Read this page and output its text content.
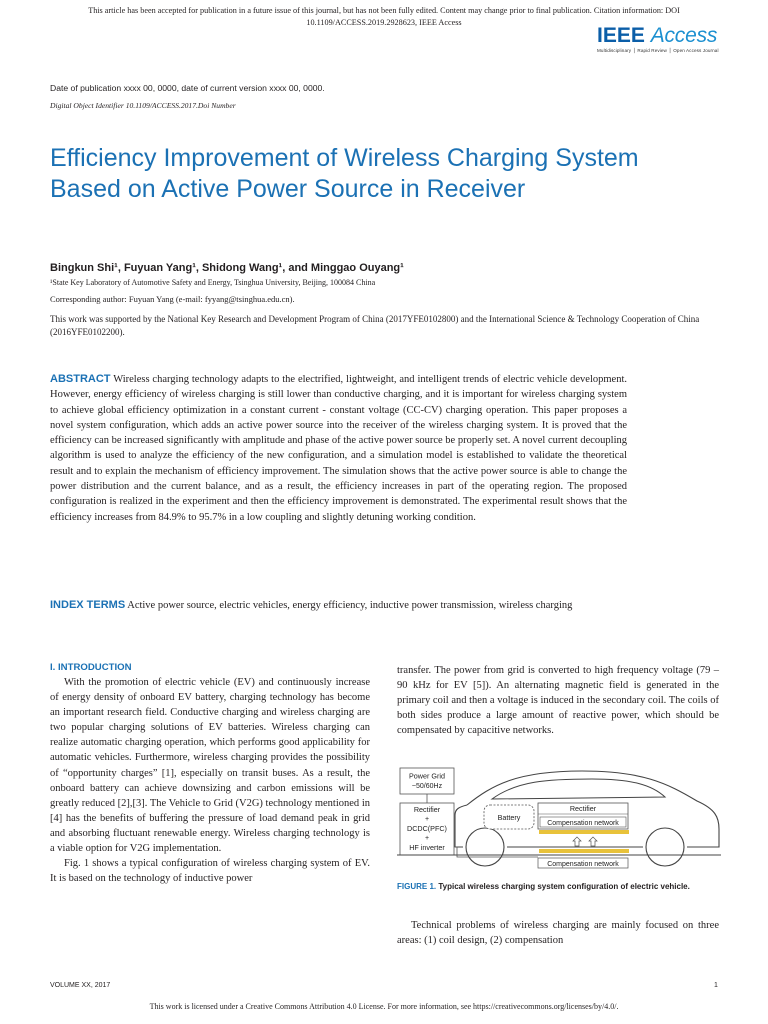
This article has been accepted for publication in a future issue of this journal, but has not been fully edited. Content may change prior to final publication. Citation information: DOI
10.1109/ACCESS.2019.2928623, IEEE Access
IEEE Access
Multidisciplinary ⎪ Rapid Review ⎪ Open Access Journal
Date of publication xxxx 00, 0000, date of current version xxxx 00, 0000.
Digital Object Identifier 10.1109/ACCESS.2017.Doi Number
Efficiency Improvement of Wireless Charging System Based on Active Power Source in Receiver
Bingkun Shi¹, Fuyuan Yang¹, Shidong Wang¹, and Minggao Ouyang¹
¹State Key Laboratory of Automotive Safety and Energy, Tsinghua University, Beijing, 100084 China
Corresponding author: Fuyuan Yang (e-mail: fyyang@tsinghua.edu.cn).
This work was supported by the National Key Research and Development Program of China (2017YFE0102800) and the International Science & Technology Cooperation of China (2016YFE0102200).
ABSTRACT Wireless charging technology adapts to the electrified, lightweight, and intelligent trends of electric vehicle development. However, energy efficiency of wireless charging is still lower than conductive charging, and it is important for wireless charging system to achieve global efficiency optimization in a constant current - constant voltage (CC-CV) charging operation. This paper proposes a novel system configuration, which adds an active power source into the receiver of the wireless charging system. It is proved that the efficiency can be increased significantly with amplitude and phase of the active power source be properly set. A novel current decoupling algorithm is used to analyze the efficiency of the new configuration, and a simulation model is established to validate the theoretical result and to explain the mechanism of efficiency improvement. The simulation shows that the active power source is able to change the power distribution and the current balance, and as a result, the efficiency increases in part of the operating region. The proposed configuration is realized in the experiment and then the efficiency improvement is demonstrated. The experimental result shows that the efficiency increases from 84.9% to 95.7% in a low coupling and slightly detuning working condition.
INDEX TERMS Active power source, electric vehicles, energy efficiency, inductive power transmission, wireless charging
I. INTRODUCTION
With the promotion of electric vehicle (EV) and continuously increase of energy density of onboard EV battery, charging technology has become an important research field. Conductive charging and wireless charging are two popular charging solutions of EV batteries. Wireless charging can realize automatic charging operation, which performs good applicability for automatic vehicles. Furthermore, wireless charging provides the possibility of “opportunity charges” [1], especially on transit buses. As a result, the onboard battery can achieve downsizing and carbon emissions will be greatly reduced [2],[3]. The Vehicle to Grid (V2G) technology mentioned in [4] has the benefits of buffering the pressure of load demand peak in grid and absorbing fluctuant renewable energy. Wireless charging technology is a viable option for V2G implementation.
Fig. 1 shows a typical configuration of wireless charging system of EV. It is based on the technology of inductive power
transfer. The power from grid is converted to high frequency voltage (79 – 90 kHz for EV [5]). An alternating magnetic field is generated in the primary coil and then a voltage is induced in the secondary coil. The coils of both sides produce a large amount of reactive power, which should be compensated by capacitive networks.
Power Grid
~50/60Hz
Rectifier
+
DCDC(PFC)
+
HF inverter
Battery
Rectifier
Compensation network
Compensation network
FIGURE 1. Typical wireless charging system configuration of electric vehicle.
Technical problems of wireless charging are mainly focused on three areas: (1) coil design, (2) compensation
VOLUME XX, 2017	1
This work is licensed under a Creative Commons Attribution 4.0 License. For more information, see https://creativecommons.org/licenses/by/4.0/.
